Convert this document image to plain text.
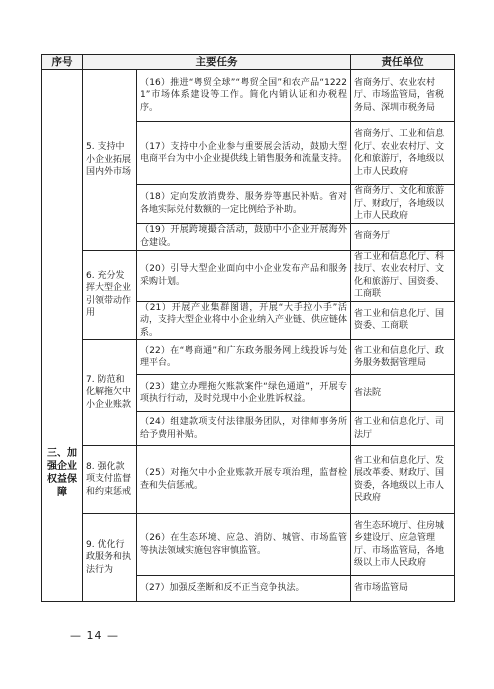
序号	主要任务		责任单位
	5. 支持中小企业拓展国内外市场	（16）推进“粤贸全球”“粤贸全国”和农产品“12221”市场体系建设等工作。简化内销认证和办税程序。	省商务厅、农业农村厅、市场监管局，省税务局、深圳市税务局
		（17）支持中小企业参与重要展会活动，鼓励大型电商平台为中小企业提供线上销售服务和流量支持。	省商务厅、工业和信息化厅、农业农村厅、文化和旅游厅，各地级以上市人民政府
		（18）定向发放消费券、服务券等惠民补贴。省对各地实际兑付数额的一定比例给予补助。	省商务厅、文化和旅游厅、财政厅，各地级以上市人民政府
		（19）开展跨境撮合活动，鼓励中小企业开展海外仓建设。	省商务厅
	6. 充分发挥大型企业引领带动作用	（20）引导大型企业面向中小企业发布产品和服务采购计划。	省工业和信息化厅、科技厅、农业农村厅、文化和旅游厅、国资委、工商联
		（21）开展产业集群图谱，开展“大手拉小手”活动，支持大型企业将中小企业纳入产业链、供应链体系。	省工业和信息化厅、国资委、工商联
	7. 防范和化解拖欠中小企业账款	（22）在“粤商通”和广东政务服务网上线投诉与处理平台。	省工业和信息化厅、政务服务数据管理局
		（23）建立办理拖欠账款案件“绿色通道”，开展专项执行行动，及时兑现中小企业胜诉权益。	省法院
		（24）组建款项支付法律服务团队，对律师事务所给予费用补贴。	省工业和信息化厅、司法厅
	8. 强化款项支付监督和约束惩戒	（25）对拖欠中小企业账款开展专项治理，监督检查和失信惩戒。	省工业和信息化厅、发展改革委、财政厅、国资委，各地级以上市人民政府
	9. 优化行政服务和执法行为	（26）在生态环境、应急、消防、城管、市场监管等执法领域实施包容审慎监管。	省生态环境厅、住房城乡建设厅、应急管理厅、市场监管局，各地级以上市人民政府
		（27）加强反垄断和反不正当竞争执法。	省市场监管局
三、加强企业权益保障
— 14 —
